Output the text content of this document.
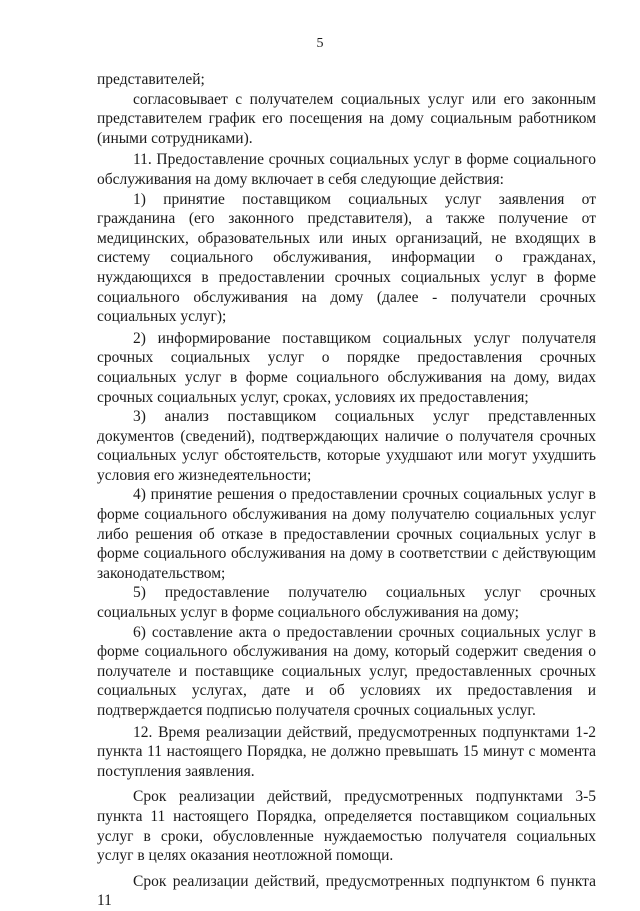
5

представителей;

согласовывает с получателем социальных услуг или его законным представителем график его посещения на дому социальным работником (иными сотрудниками).

11. Предоставление срочных социальных услуг в форме социального обслуживания на дому включает в себя следующие действия:

1) принятие поставщиком социальных услуг заявления от гражданина (его законного представителя), а также получение от медицинских, образовательных или иных организаций, не входящих в систему социального обслуживания, информации о гражданах, нуждающихся в предоставлении срочных социальных услуг в форме социального обслуживания на дому (далее - получатели срочных социальных услуг);

2) информирование поставщиком социальных услуг получателя срочных социальных услуг о порядке предоставления срочных социальных услуг в форме социального обслуживания на дому, видах срочных социальных услуг, сроках, условиях их предоставления;

3) анализ поставщиком социальных услуг представленных документов (сведений), подтверждающих наличие о получателя срочных социальных услуг обстоятельств, которые ухудшают или могут ухудшить условия его жизнедеятельности;

4) принятие решения о предоставлении срочных социальных услуг в форме социального обслуживания на дому получателю социальных услуг либо решения об отказе в предоставлении срочных социальных услуг в форме социального обслуживания на дому в соответствии с действующим законодательством;

5) предоставление получателю социальных услуг срочных социальных услуг в форме социального обслуживания на дому;

6) составление акта о предоставлении срочных социальных услуг в форме социального обслуживания на дому, который содержит сведения о получателе и поставщике социальных услуг, предоставленных срочных социальных услугах, дате и об условиях их предоставления и подтверждается подписью получателя срочных социальных услуг.

12. Время реализации действий, предусмотренных подпунктами 1-2 пункта 11 настоящего Порядка, не должно превышать 15 минут с момента поступления заявления.

Срок реализации действий, предусмотренных подпунктами 3-5 пункта 11 настоящего Порядка, определяется поставщиком социальных услуг в сроки, обусловленные нуждаемостью получателя социальных услуг в целях оказания неотложной помощи.

Срок реализации действий, предусмотренных подпунктом 6 пункта 11
